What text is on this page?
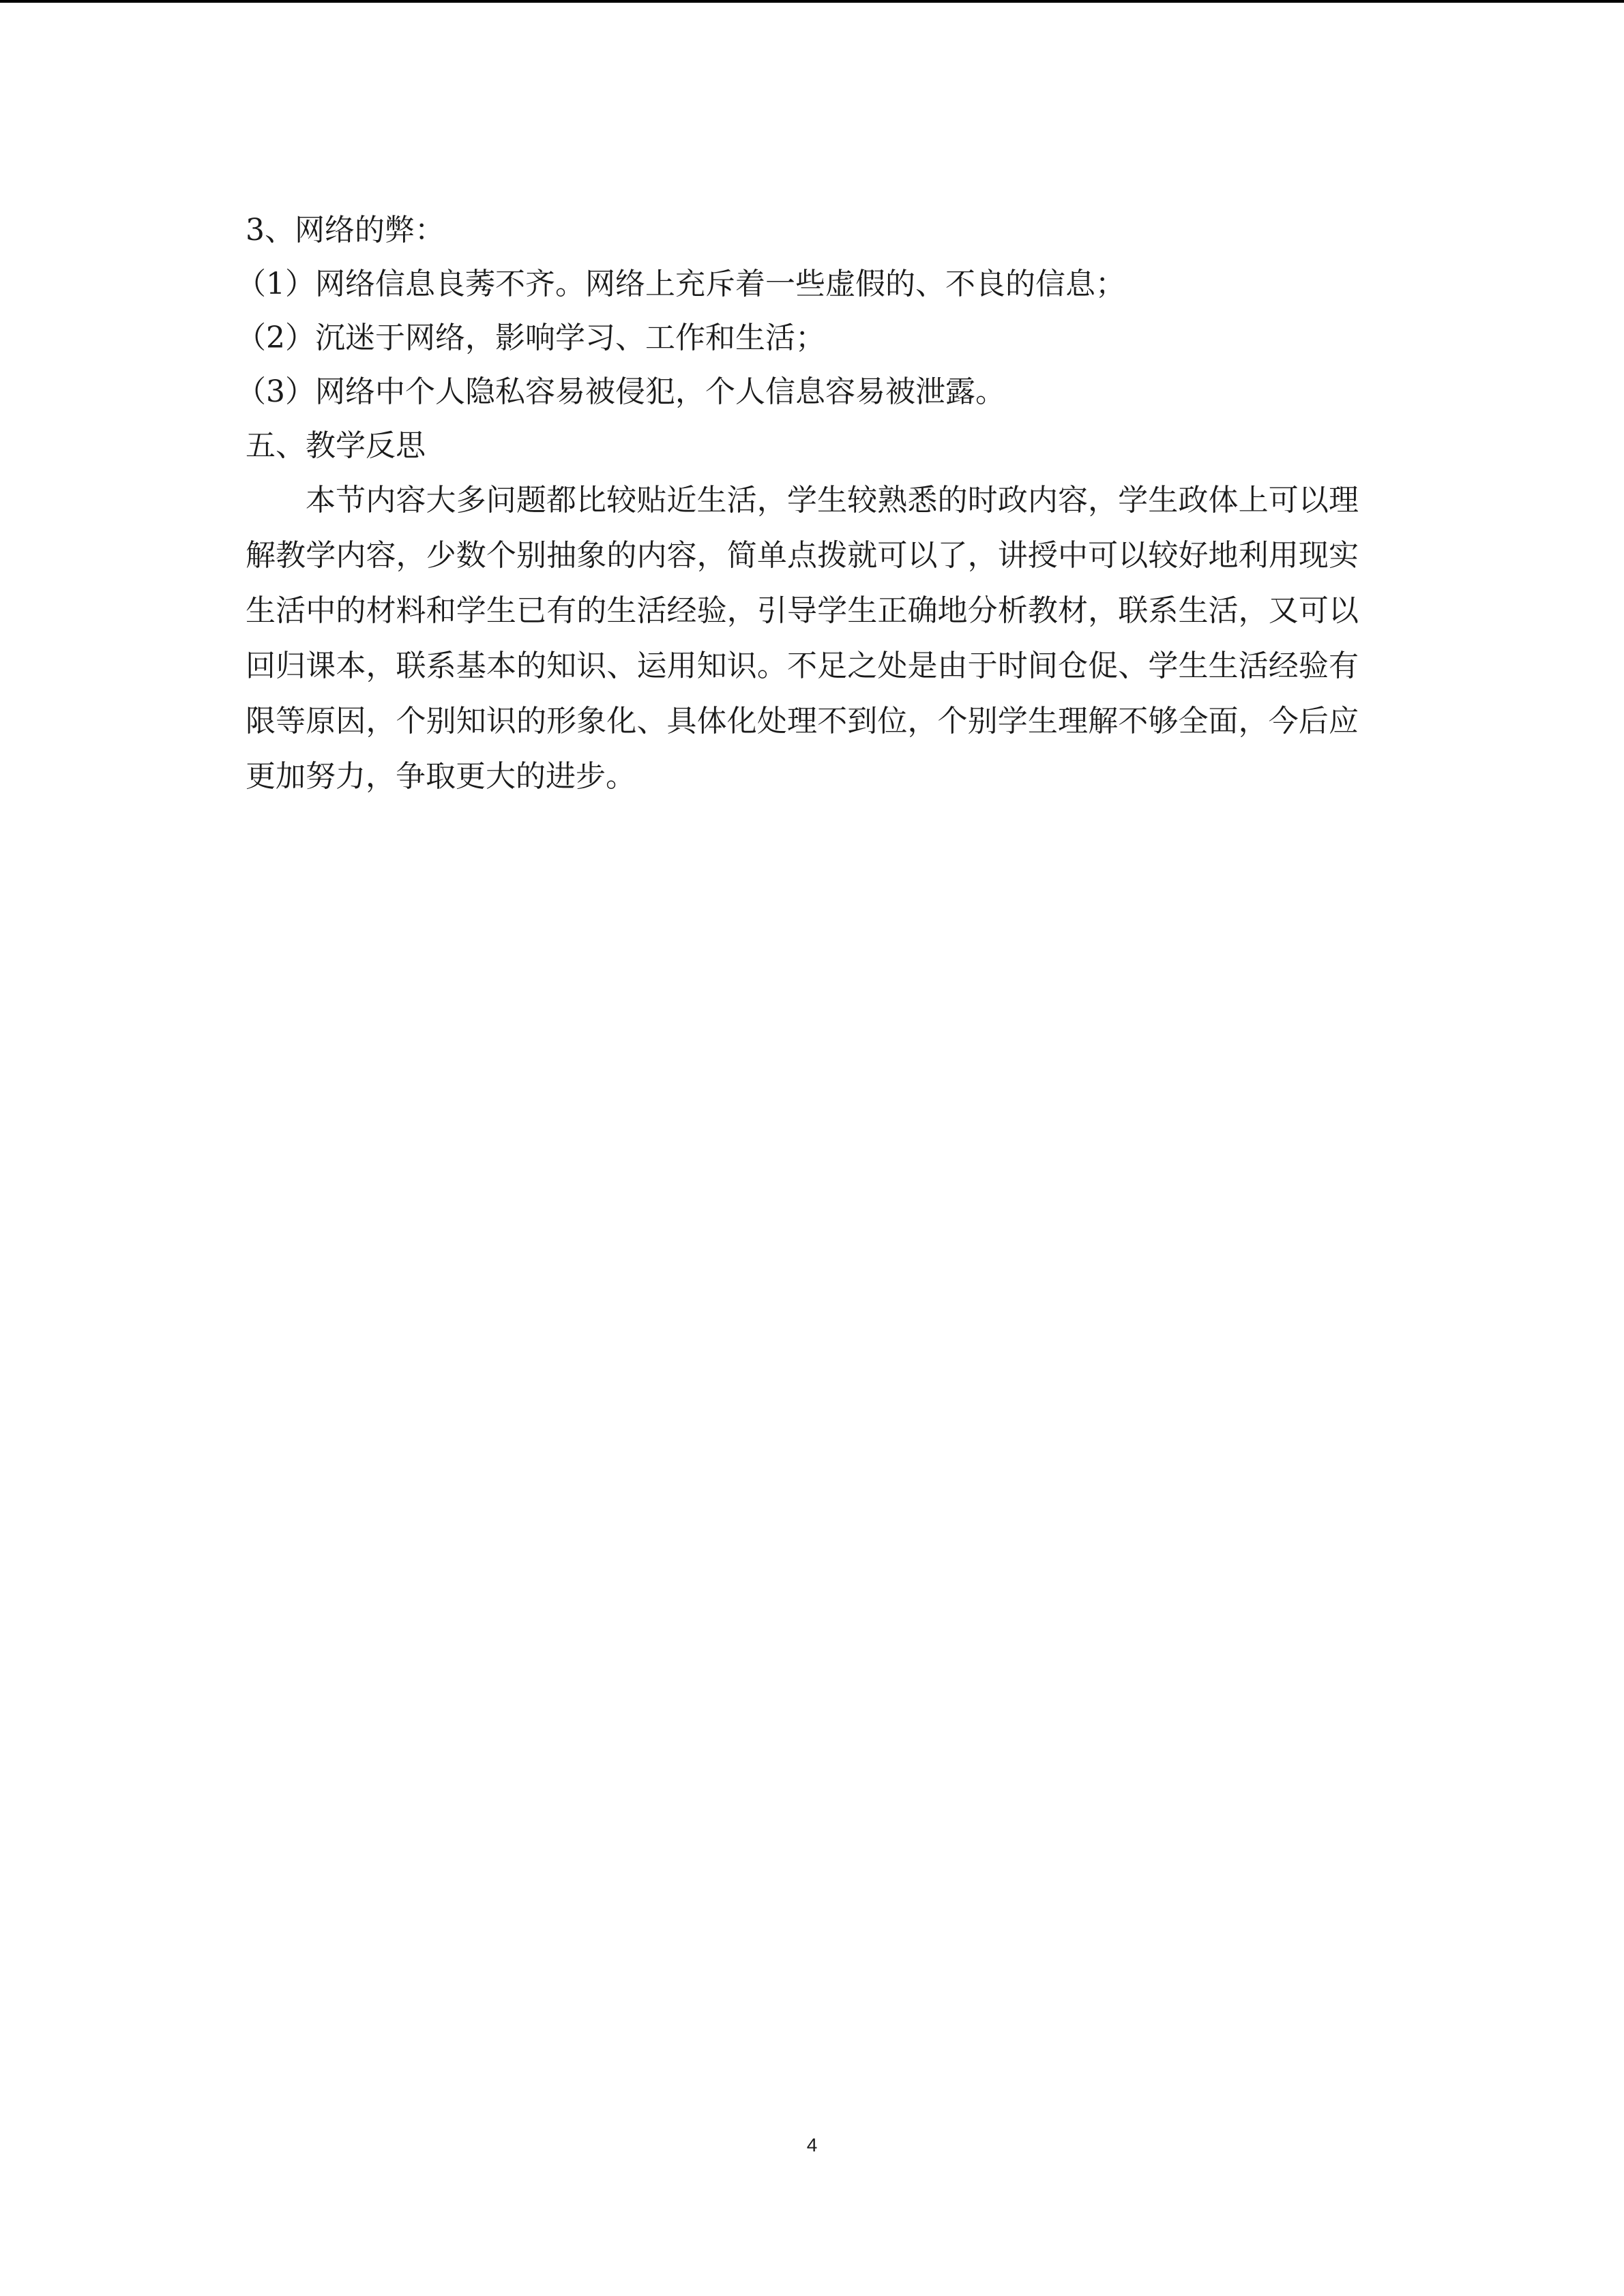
3、网络的弊：

（1）网络信息良莠不齐。网络上充斥着一些虚假的、不良的信息；

（2）沉迷于网络，影响学习、工作和生活；

（3）网络中个人隐私容易被侵犯，个人信息容易被泄露。

五、教学反思

本节内容大多问题都比较贴近生活，学生较熟悉的时政内容，学生政体上可以理解教学内容，少数个别抽象的内容，简单点拨就可以了，讲授中可以较好地利用现实生活中的材料和学生已有的生活经验，引导学生正确地分析教材，联系生活，又可以回归课本，联系基本的知识、运用知识。不足之处是由于时间仓促、学生生活经验有限等原因，个别知识的形象化、具体化处理不到位，个别学生理解不够全面，今后应更加努力，争取更大的进步。

4
